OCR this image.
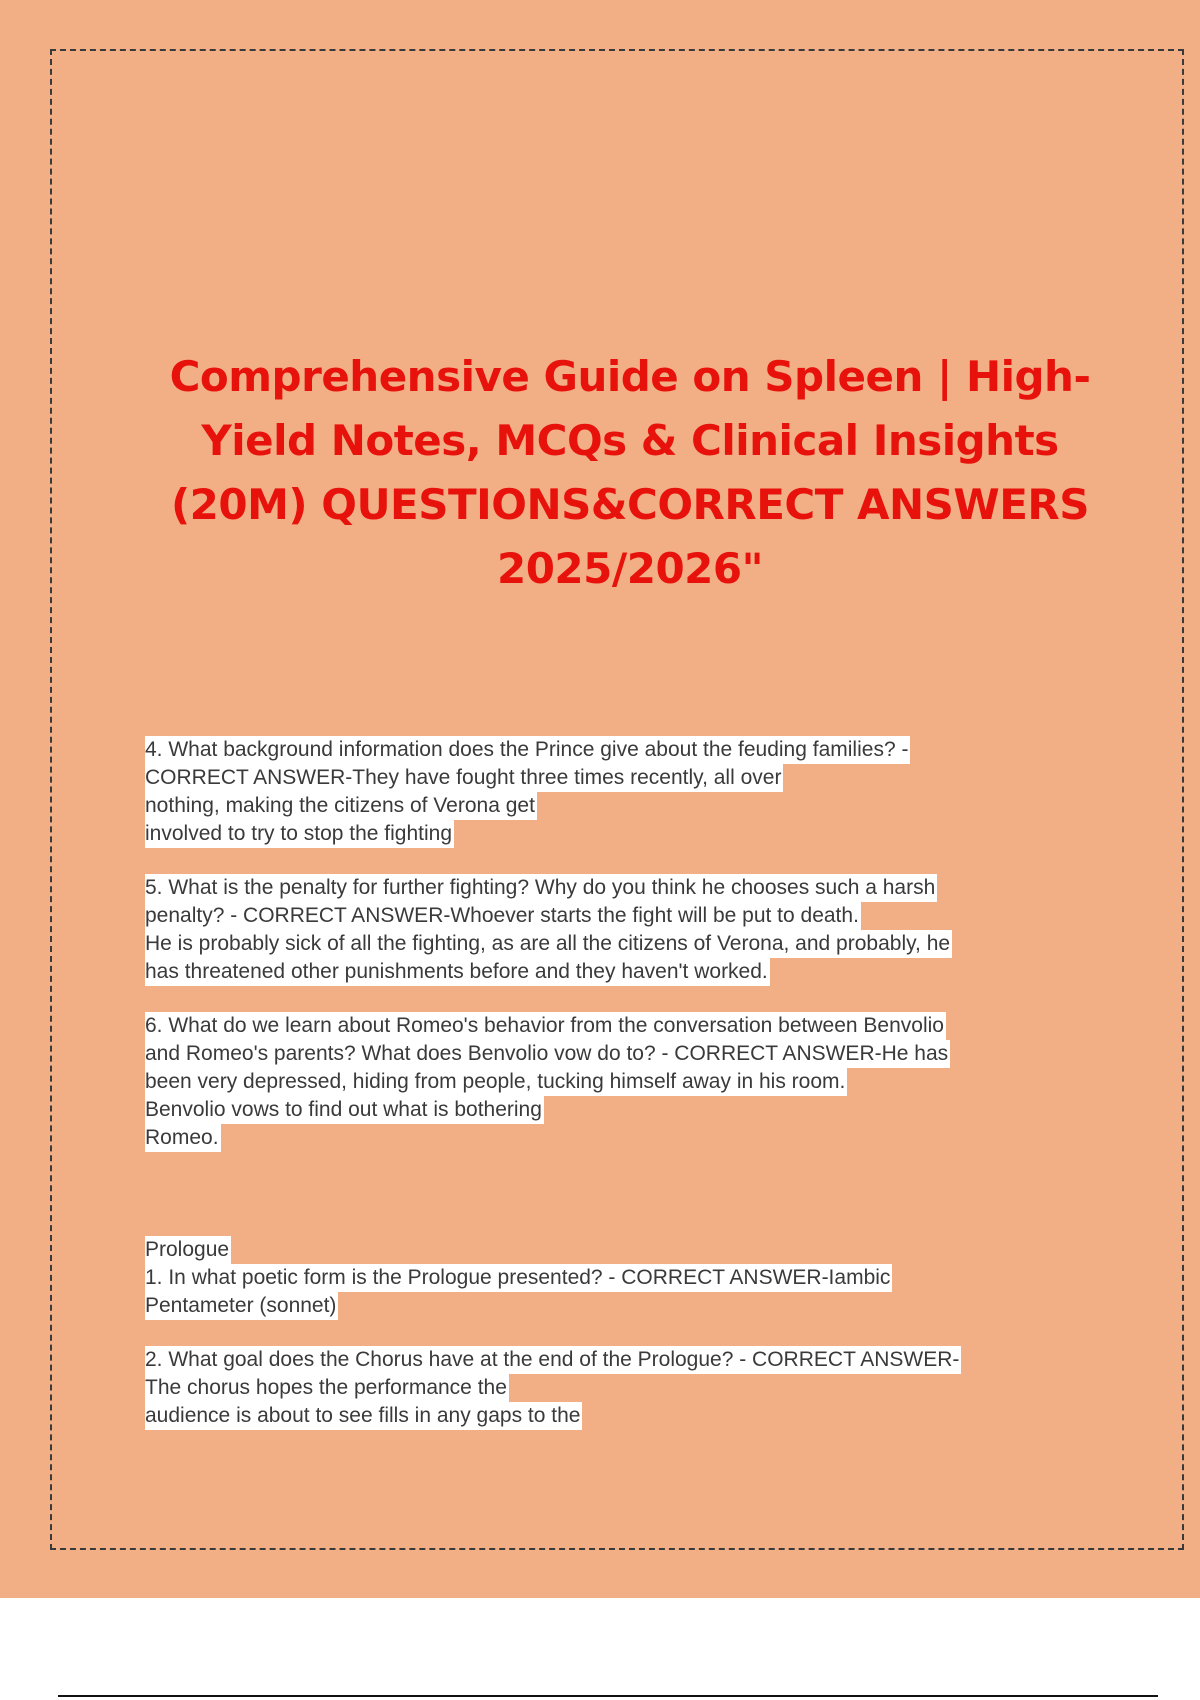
Comprehensive Guide on Spleen | High-
Yield Notes, MCQs & Clinical Insights
(20M) QUESTIONS&CORRECT ANSWERS
2025/2026"
4. What background information does the Prince give about the feuding families? -
CORRECT ANSWER-They have fought three times recently, all over
nothing, making the citizens of Verona get
involved to try to stop the fighting
5. What is the penalty for further fighting? Why do you think he chooses such a harsh
penalty? - CORRECT ANSWER-Whoever starts the fight will be put to death.
He is probably sick of all the fighting, as are all the citizens of Verona, and probably, he
has threatened other punishments before and they haven't worked.
6. What do we learn about Romeo's behavior from the conversation between Benvolio
and Romeo's parents? What does Benvolio vow do to? - CORRECT ANSWER-He has
been very depressed, hiding from people, tucking himself away in his room.
Benvolio vows to find out what is bothering
Romeo.
Prologue
1. In what poetic form is the Prologue presented? - CORRECT ANSWER-Iambic
Pentameter (sonnet)
2. What goal does the Chorus have at the end of the Prologue? - CORRECT ANSWER-
The chorus hopes the performance the
audience is about to see fills in any gaps to the
